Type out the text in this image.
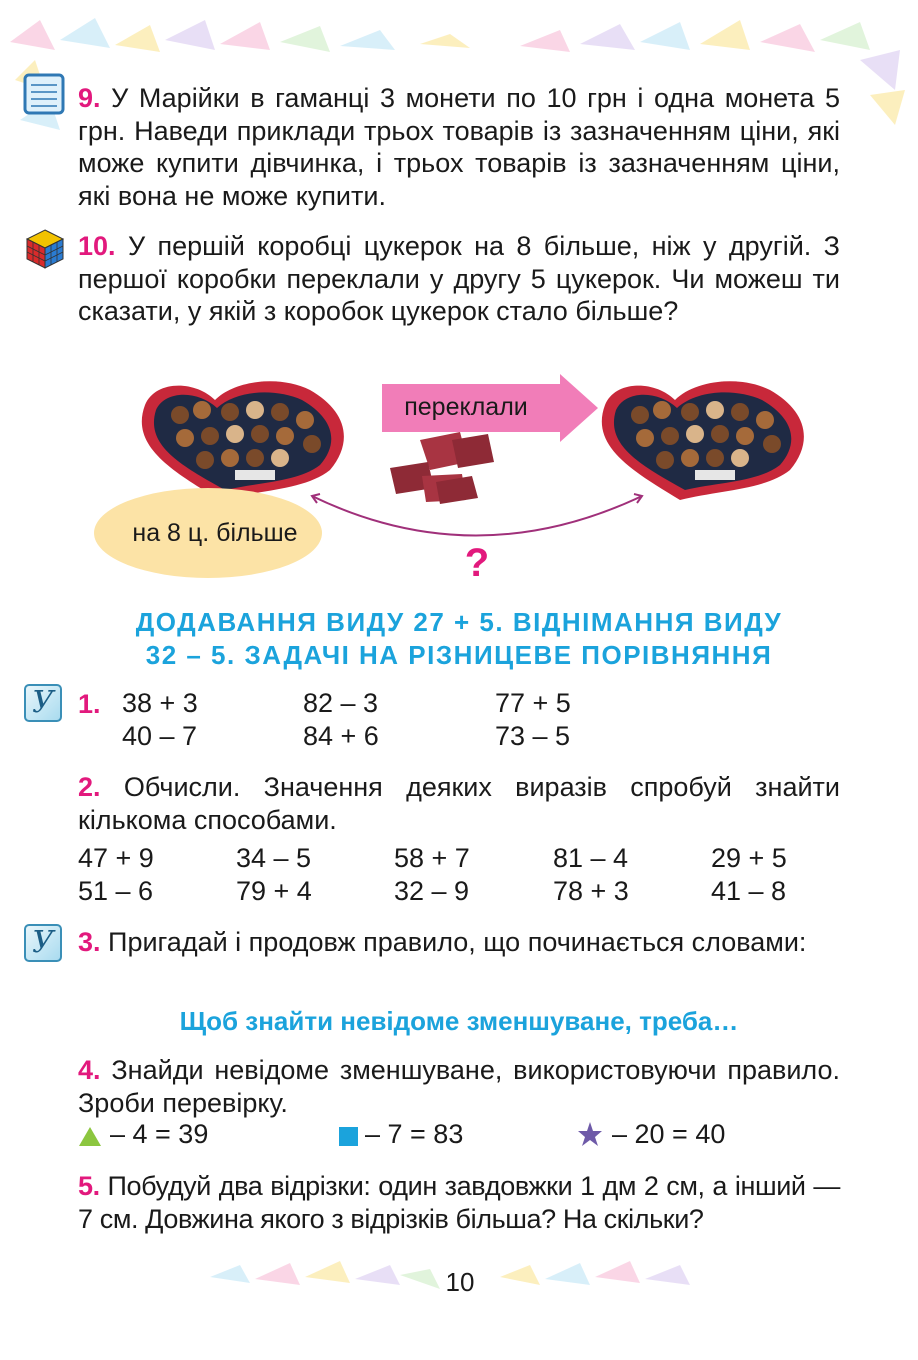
9. У Марійки в гаманці 3 монети по 10 грн і одна монета 5 грн. Наведи приклади трьох товарів із зазначенням ціни, які може купити дівчинка, і трьох товарів із зазначенням ціни, які вона не може купити.
10. У першій коробці цукерок на 8 більше, ніж у другій. З першої коробки переклали у другу 5 цукерок. Чи можеш ти сказати, у якій з коробок цукерок стало більше?
на 8 ц. більше
переклали
?
ДОДАВАННЯ ВИДУ 27 + 5. ВІДНІМАННЯ ВИДУ
32 – 5. ЗАДАЧІ НА РІЗНИЦЕВЕ ПОРІВНЯННЯ
У 1. 38 + 3	82 – 3	77 + 5
40 – 7	84 + 6	73 – 5
2. Обчисли. Значення деяких виразів спробуй знайти кількома способами.
47 + 9	34 – 5	58 + 7	81 – 4	29 + 5
51 – 6	79 + 4	32 – 9	78 + 3	41 – 8
У 3. Пригадай і продовж правило, що починається словами:
Щоб знайти невідоме зменшуване, треба…
4. Знайди невідоме зменшуване, використовуючи правило. Зроби перевірку.
– 4 = 39	– 7 = 83	– 20 = 40
5. Побудуй два відрізки: один завдовжки 1 дм 2 см, а інший — 7 см. Довжина якого з відрізків більша? На скільки?
10
